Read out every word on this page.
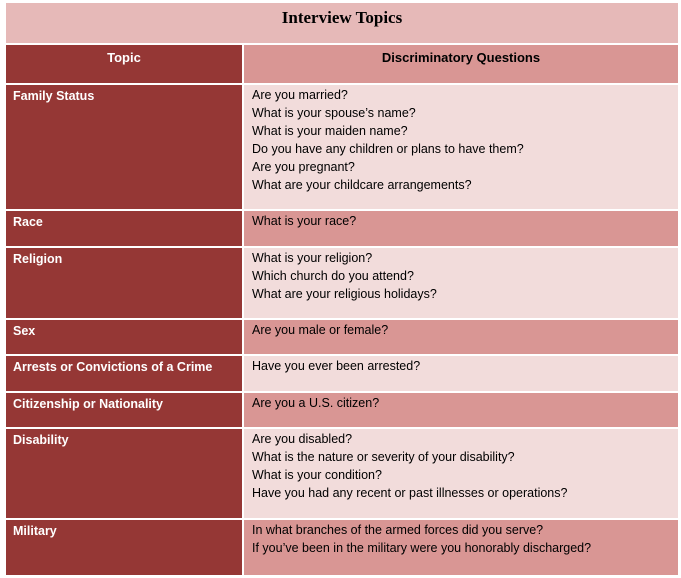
Interview Topics
Topic	Discriminatory Questions
Family Status	Are you married?
What is your spouse’s name?
What is your maiden name?
Do you have any children or plans to have them?
Are you pregnant?
What are your childcare arrangements?
Race	What is your race?
Religion	What is your religion?
Which church do you attend?
What are your religious holidays?
Sex	Are you male or female?
Arrests or Convictions of a Crime	Have you ever been arrested?
Citizenship or Nationality	Are you a U.S. citizen?
Disability	Are you disabled?
What is the nature or severity of your disability?
What is your condition?
Have you had any recent or past illnesses or operations?
Military	In what branches of the armed forces did you serve?
If you’ve been in the military were you honorably discharged?
